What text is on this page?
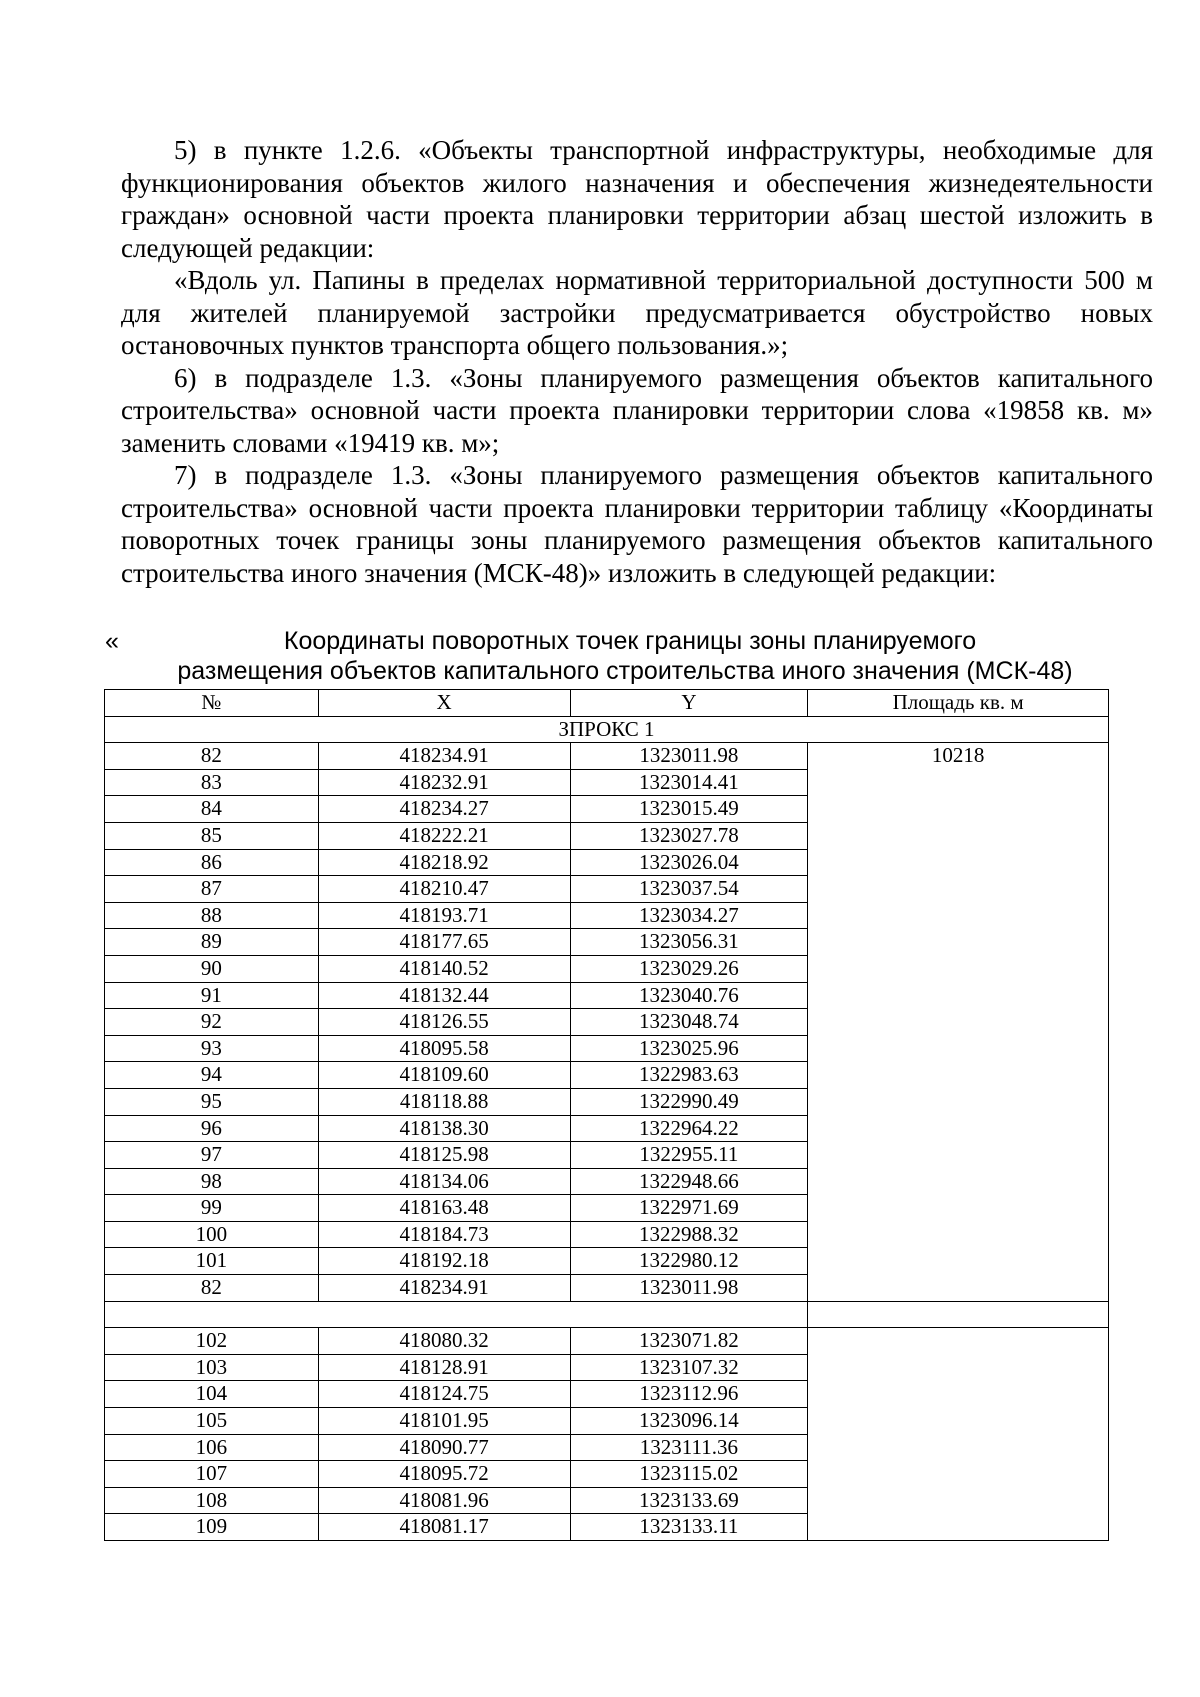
5) в пункте 1.2.6. «Объекты транспортной инфраструктуры, необходимые для функционирования объектов жилого назначения и обеспечения жизнедеятельности граждан» основной части проекта планировки территории абзац шестой изложить в следующей редакции:

«Вдоль ул. Папины в пределах нормативной территориальной доступности 500 м для жителей планируемой застройки предусматривается обустройство новых остановочных пунктов транспорта общего пользования.»;

6) в подразделе 1.3. «Зоны планируемого размещения объектов капитального строительства» основной части проекта планировки территории слова «19858 кв. м» заменить словами «19419 кв. м»;

7) в подразделе 1.3. «Зоны планируемого размещения объектов капитального строительства» основной части проекта планировки территории таблицу «Координаты поворотных точек границы зоны планируемого размещения объектов капитального строительства иного значения (МСК-48)» изложить в следующей редакции:

«	Координаты поворотных точек границы зоны планируемого

размещения объектов капитального строительства иного значения (МСК-48)

№	X	Y	Площадь кв. м
ЗПРОКС 1			
82	418234.91	1323011.98	10218
83	418232.91	1323014.41	
84	418234.27	1323015.49	
85	418222.21	1323027.78	
86	418218.92	1323026.04	
87	418210.47	1323037.54	
88	418193.71	1323034.27	
89	418177.65	1323056.31	
90	418140.52	1323029.26	
91	418132.44	1323040.76	
92	418126.55	1323048.74	
93	418095.58	1323025.96	
94	418109.60	1322983.63	
95	418118.88	1322990.49	
96	418138.30	1322964.22	
97	418125.98	1322955.11	
98	418134.06	1322948.66	
99	418163.48	1322971.69	
100	418184.73	1322988.32	
101	418192.18	1322980.12	
82	418234.91	1323011.98	

102	418080.32	1323071.82	
103	418128.91	1323107.32	
104	418124.75	1323112.96	
105	418101.95	1323096.14	
106	418090.77	1323111.36	
107	418095.72	1323115.02	
108	418081.96	1323133.69	
109	418081.17	1323133.11	
